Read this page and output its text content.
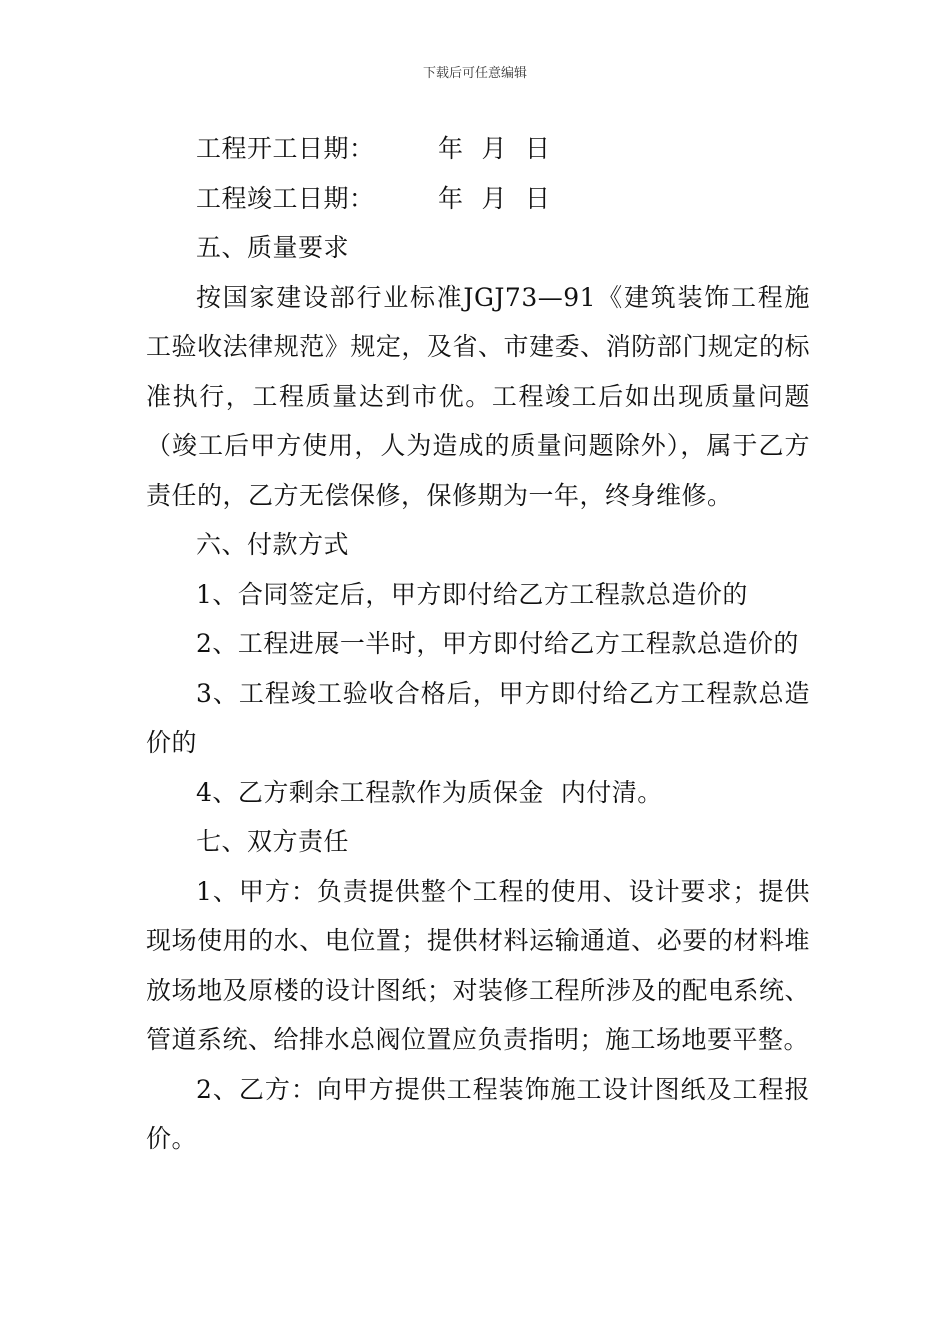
下载后可任意编辑
工程开工日期：	年 月 日
工程竣工日期：	年 月 日

五、质量要求

按国家建设部行业标准JGJ73—91《建筑装饰工程施工验收法律规范》规定，及省、市建委、消防部门规定的标准执行，工程质量达到市优。工程竣工后如出现质量问题（竣工后甲方使用，人为造成的质量问题除外），属于乙方责任的，乙方无偿保修，保修期为一年，终身维修。

六、付款方式

1、合同签定后，甲方即付给乙方工程款总造价的

2、工程进展一半时，甲方即付给乙方工程款总造价的

3、工程竣工验收合格后，甲方即付给乙方工程款总造价的

4、乙方剩余工程款作为质保金  内付清。

七、双方责任

1、甲方：负责提供整个工程的使用、设计要求；提供现场使用的水、电位置；提供材料运输通道、必要的材料堆放场地及原楼的设计图纸；对装修工程所涉及的配电系统、管道系统、给排水总阀位置应负责指明；施工场地要平整。

2、乙方：向甲方提供工程装饰施工设计图纸及工程报价。
